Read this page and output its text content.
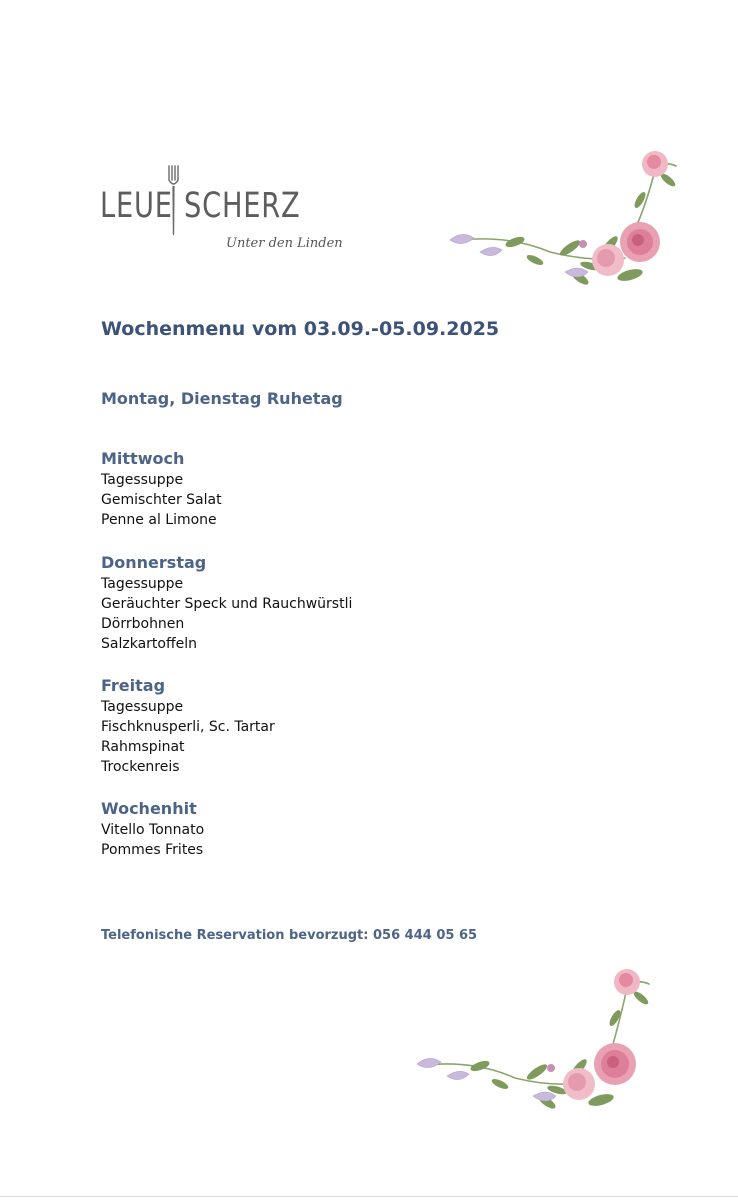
LEUE SCHERZ
Unter den Linden
Wochenmenu vom 03.09.-05.09.2025
Montag, Dienstag Ruhetag
Mittwoch
Tagessuppe
Gemischter Salat
Penne al Limone
Donnerstag
Tagessuppe
Geräuchter Speck und Rauchwürstli
Dörrbohnen
Salzkartoffeln
Freitag
Tagessuppe
Fischknusperli, Sc. Tartar
Rahmspinat
Trockenreis
Wochenhit
Vitello Tonnato
Pommes Frites
Telefonische Reservation bevorzugt: 056 444 05 65
